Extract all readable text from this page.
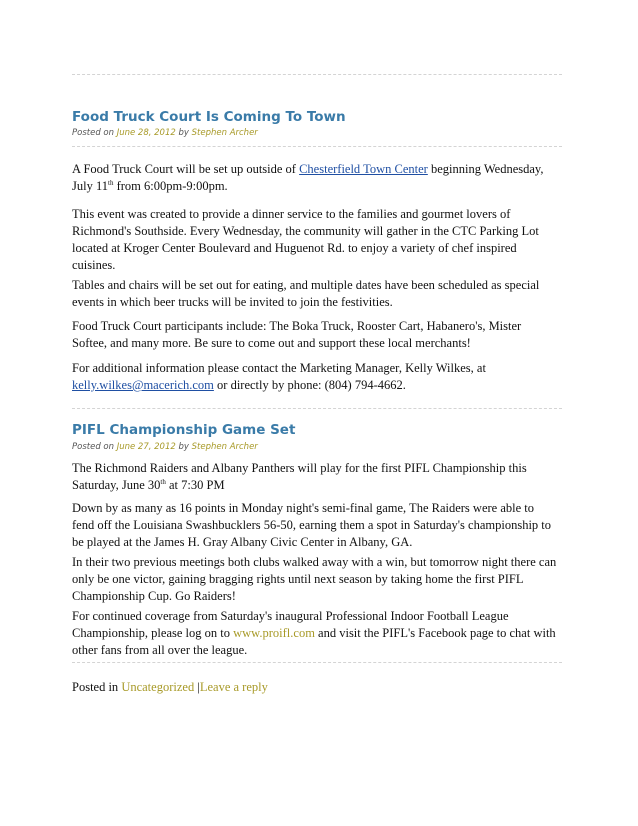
Food Truck Court Is Coming To Town
Posted on June 28, 2012 by Stephen Archer
A Food Truck Court will be set up outside of Chesterfield Town Center beginning Wednesday,
July 11th from 6:00pm-9:00pm.
This event was created to provide a dinner service to the families and gourmet lovers of
Richmond's Southside. Every Wednesday, the community will gather in the CTC Parking Lot
located at Kroger Center Boulevard and Huguenot Rd. to enjoy a variety of chef inspired
cuisines.
Tables and chairs will be set out for eating, and multiple dates have been scheduled as special
events in which beer trucks will be invited to join the festivities.
Food Truck Court participants include: The Boka Truck, Rooster Cart, Habanero's, Mister
Softee, and many more. Be sure to come out and support these local merchants!
For additional information please contact the Marketing Manager, Kelly Wilkes, at
kelly.wilkes@macerich.com or directly by phone: (804) 794-4662.
PIFL Championship Game Set
Posted on June 27, 2012 by Stephen Archer
The Richmond Raiders and Albany Panthers will play for the first PIFL Championship this
Saturday, June 30th at 7:30 PM
Down by as many as 16 points in Monday night's semi-final game, The Raiders were able to
fend off the Louisiana Swashbucklers 56-50, earning them a spot in Saturday's championship to
be played at the James H. Gray Albany Civic Center in Albany, GA.
In their two previous meetings both clubs walked away with a win, but tomorrow night there can
only be one victor, gaining bragging rights until next season by taking home the first PIFL
Championship Cup. Go Raiders!
For continued coverage from Saturday's inaugural Professional Indoor Football League
Championship, please log on to www.proifl.com and visit the PIFL's Facebook page to chat with
other fans from all over the league.
Posted in Uncategorized |Leave a reply
